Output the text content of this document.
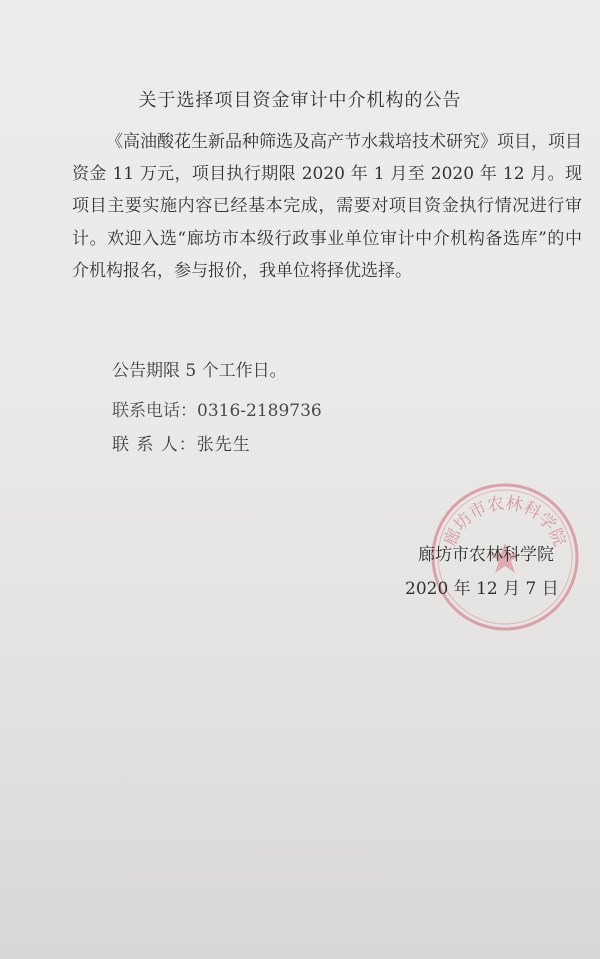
关于选择项目资金审计中介机构的公告

《高油酸花生新品种筛选及高产节水栽培技术研究》项目，项目资金 11 万元，项目执行期限 2020 年 1 月至 2020 年 12 月。现项目主要实施内容已经基本完成，需要对项目资金执行情况进行审计。欢迎入选“廊坊市本级行政事业单位审计中介机构备选库”的中介机构报名，参与报价，我单位将择优选择。

公告期限 5 个工作日。
联系电话：0316-2189736
联 系 人：张先生
廊坊市农林科学院
廊坊市农林科学院
2020 年 12 月 7 日
